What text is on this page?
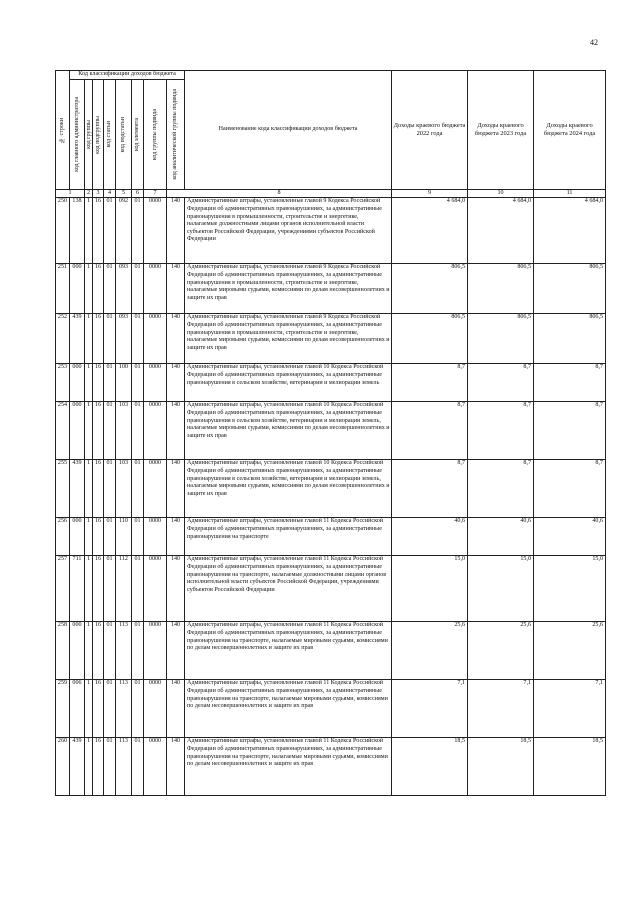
42
№ строки	Код классификации доходов бюджета								Наименование кода классификации доходов бюджета	Доходы краевого бюджета 2022 года	Доходы краевого бюджета 2023 года	Доходы краевого бюджета 2024 года	

	код главного администратора	код группы	код подгруппы	код статьи	код подстатьи	код элемента	код группы подвида	код аналитической группы подвида					

1		2	3	4	5	6	7	8		9	10	11	
250	138	1	16	01	092	01	0000	140	Административные штрафы, установленные главой 9 Кодекса Российской Федерации об административных правонарушениях, за административные правонарушения в промышленности, строительстве и энергетике, налагаемые должностными лицами органов исполнительной власти субъектов Российской Федерации, учреждениями субъектов Российской Федерации	4 684,0	4 684,0	4 684,0	
251	000	1	16	01	093	01	0000	140	Административные штрафы, установленные главой 9 Кодекса Российской Федерации об административных правонарушениях, за административные правонарушения в промышленности, строительстве и энергетике, налагаемые мировыми судьями, комиссиями по делам несовершеннолетних и защите их прав	806,5	806,5	806,5	
252	439	1	16	01	093	01	0000	140	Административные штрафы, установленные главой 9 Кодекса Российской Федерации об административных правонарушениях, за административные правонарушения в промышленности, строительстве и энергетике, налагаемые мировыми судьями, комиссиями по делам несовершеннолетних и защите их прав	806,5	806,5	806,5	
253	000	1	16	01	100	01	0000	140	Административные штрафы, установленные главой 10 Кодекса Российской Федерации об административных правонарушениях, за административные правонарушения в сельском хозяйстве, ветеринарии и мелиорации земель	8,7	8,7	8,7	
254	000	1	16	01	103	01	0000	140	Административные штрафы, установленные главой 10 Кодекса Российской Федерации об административных правонарушениях, за административные правонарушения в сельском хозяйстве, ветеринарии и мелиорации земель, налагаемые мировыми судьями, комиссиями по делам несовершеннолетних и защите их прав	8,7	8,7	8,7	
255	439	1	16	01	103	01	0000	140	Административные штрафы, установленные главой 10 Кодекса Российской Федерации об административных правонарушениях, за административные правонарушения в сельском хозяйстве, ветеринарии и мелиорации земель, налагаемые мировыми судьями, комиссиями по делам несовершеннолетних и защите их прав	8,7	8,7	8,7	
256	000	1	16	01	110	01	0000	140	Административные штрафы, установленные главой 11 Кодекса Российской Федерации об административных правонарушениях, за административные правонарушения на транспорте	40,6	40,6	40,6	
257	711	1	16	01	112	01	0000	140	Административные штрафы, установленные главой 11 Кодекса Российской Федерации об административных правонарушениях, за административные правонарушения на транспорте, налагаемые должностными лицами органов исполнительной власти субъектов Российской Федерации, учреждениями субъектов Российской Федерации	15,0	15,0	15,0	
258	000	1	16	01	113	01	0000	140	Административные штрафы, установленные главой 11 Кодекса Российской Федерации об административных правонарушениях, за административные правонарушения на транспорте, налагаемые мировыми судьями, комиссиями по делам несовершеннолетних и защите их прав	25,6	25,6	25,6	
259	006	1	16	01	113	01	0000	140	Административные штрафы, установленные главой 11 Кодекса Российской Федерации об административных правонарушениях, за административные правонарушения на транспорте, налагаемые мировыми судьями, комиссиями по делам несовершеннолетних и защите их прав	7,1	7,1	7,1	
260	439	1	16	01	113	01	0000	140	Административные штрафы, установленные главой 11 Кодекса Российской Федерации об административных правонарушениях, за административные правонарушения на транспорте, налагаемые мировыми судьями, комиссиями по делам несовершеннолетних и защите их прав	18,5	18,5	18,5	
